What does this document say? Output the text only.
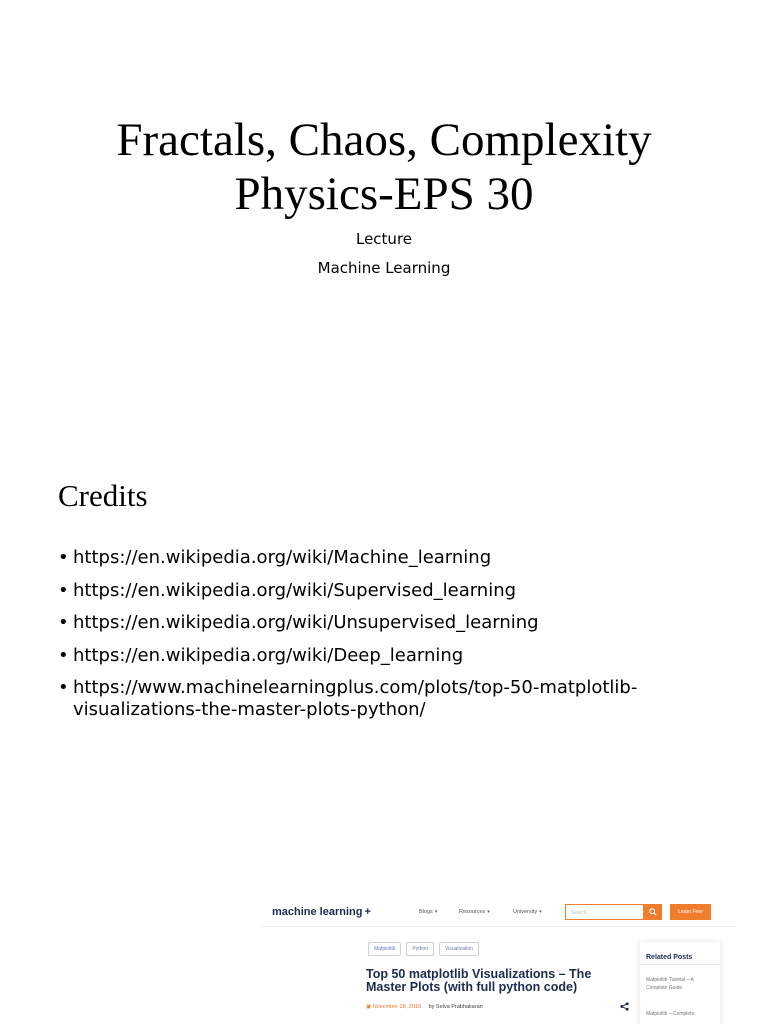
Fractals, Chaos, Complexity
Physics-EPS 30
Lecture
Machine Learning
Credits
• https://en.wikipedia.org/wiki/Machine_learning
• https://en.wikipedia.org/wiki/Supervised_learning
• https://en.wikipedia.org/wiki/Unsupervised_learning
• https://en.wikipedia.org/wiki/Deep_learning
• https://www.machinelearningplus.com/plots/top-50-matplotlib-visualizations-the-master-plots-python/
machine learning +	Blogs ▾	Resources ▾	University ▾	Search	Learn Free
Matplotlib	Python	Visualization
Top 50 matplotlib Visualizations – The Master Plots (with full python code)
▣ November 28, 2018 by Selva Prabhakaran
Related Posts
Matplotlib Tutorial – A Complete Guide
Matplotlib – Complete
